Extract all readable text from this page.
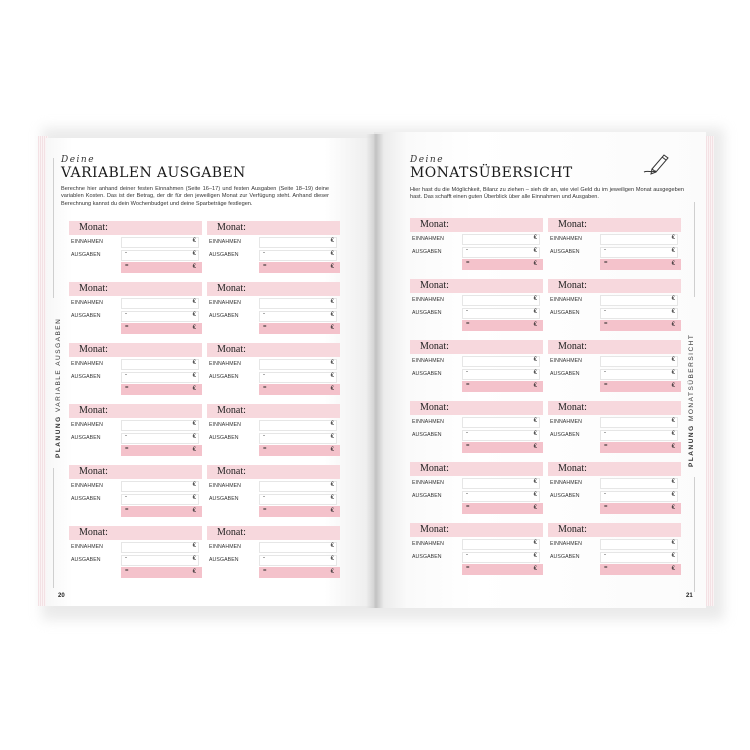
Deine
VARIABLEN AUSGABEN
Berechne hier anhand deiner festen Einnahmen (Seite 16–17) und festen Ausgaben (Seite 18–19) deine variablen Kosten. Das ist der Betrag, der dir für den jeweiligen Monat zur Verfügung steht. Anhand dieser Berechnung kannst du dein Wochenbudget und deine Sparbeträge festlegen.
PLANUNG VARIABLE AUSGABEN
Monat:
EINNAHMEN	€
AUSGABEN	-	€
=	€
Monat:
EINNAHMEN	€
AUSGABEN	-	€
=	€
Monat:
EINNAHMEN	€
AUSGABEN	-	€
=	€
Monat:
EINNAHMEN	€
AUSGABEN	-	€
=	€
Monat:
EINNAHMEN	€
AUSGABEN	-	€
=	€
Monat:
EINNAHMEN	€
AUSGABEN	-	€
=	€
Monat:
EINNAHMEN	€
AUSGABEN	-	€
=	€
Monat:
EINNAHMEN	€
AUSGABEN	-	€
=	€
Monat:
EINNAHMEN	€
AUSGABEN	-	€
=	€
Monat:
EINNAHMEN	€
AUSGABEN	-	€
=	€
Monat:
EINNAHMEN	€
AUSGABEN	-	€
=	€
Monat:
EINNAHMEN	€
AUSGABEN	-	€
=	€
20
Deine
MONATSÜBERSICHT
Hier hast du die Möglichkeit, Bilanz zu ziehen – sieh dir an, wie viel Geld du im jeweiligen Monat ausgegeben hast. Das schafft einen guten Überblick über alle Einnahmen und Ausgaben.
Monat:
EINNAHMEN	€
AUSGABEN	-	€
=	€
Monat:
EINNAHMEN	€
AUSGABEN	-	€
=	€
Monat:
EINNAHMEN	€
AUSGABEN	-	€
=	€
Monat:
EINNAHMEN	€
AUSGABEN	-	€
=	€
Monat:
EINNAHMEN	€
AUSGABEN	-	€
=	€
Monat:
EINNAHMEN	€
AUSGABEN	-	€
=	€
Monat:
EINNAHMEN	€
AUSGABEN	-	€
=	€
Monat:
EINNAHMEN	€
AUSGABEN	-	€
=	€
Monat:
EINNAHMEN	€
AUSGABEN	-	€
=	€
Monat:
EINNAHMEN	€
AUSGABEN	-	€
=	€
Monat:
EINNAHMEN	€
AUSGABEN	-	€
=	€
Monat:
EINNAHMEN	€
AUSGABEN	-	€
=	€
PLANUNG MONATSÜBERSICHT
21
